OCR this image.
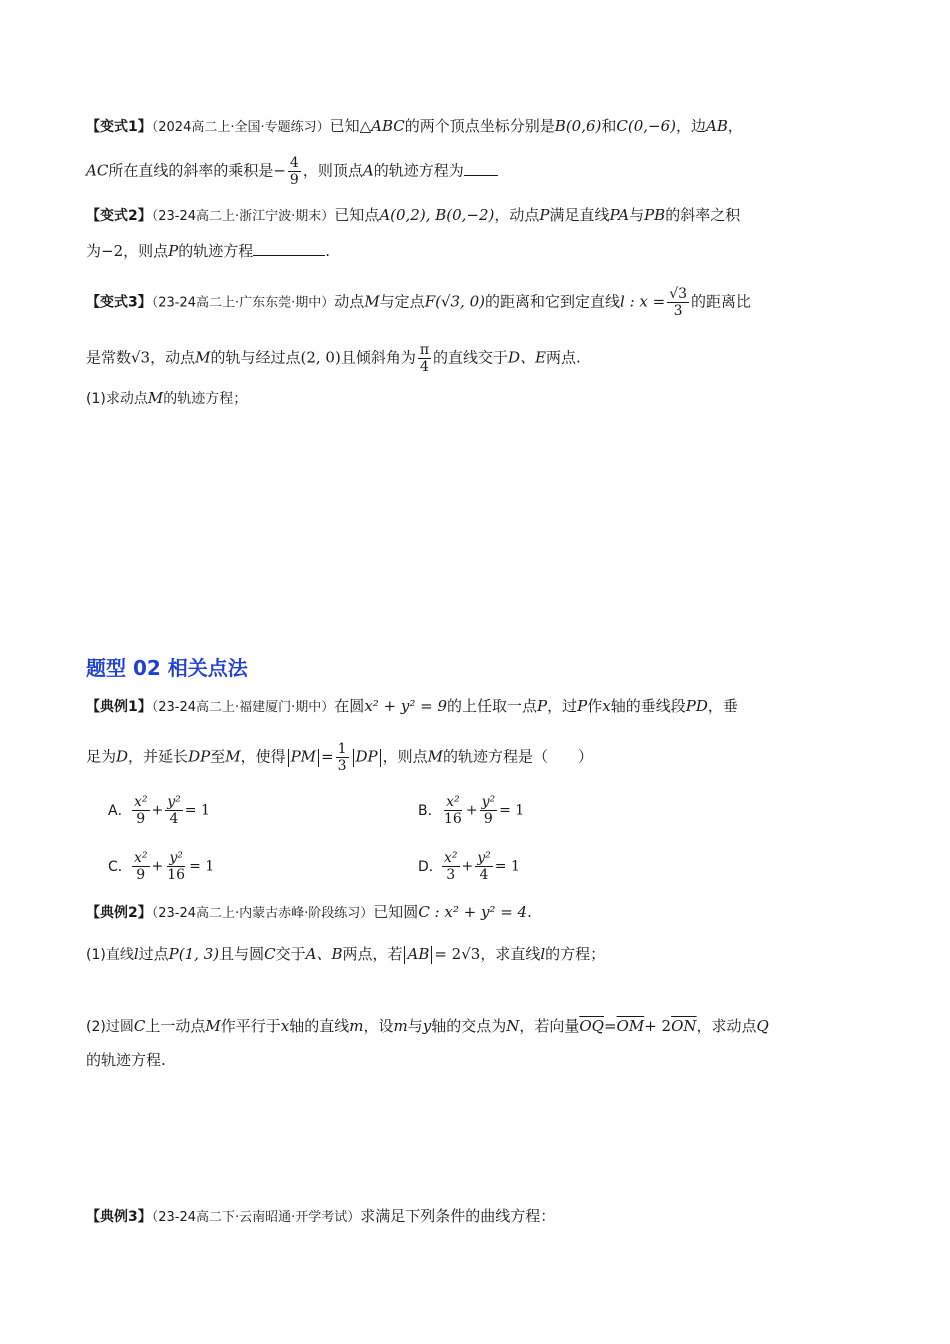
【变式1】（2024高二上·全国·专题练习）已知△ABC的两个顶点坐标分别是B(0,6)和C(0,−6)，边AB，
AC所在直线的斜率的乘积是− $\frac{4}{9}$ ，则顶点A的轨迹方程为
【变式2】（23-24高二上·浙江宁波·期末）已知点A(0,2), B(0,−2)，动点P满足直线PA与PB的斜率之积
为−2，则点P的轨迹方程	.
【变式3】（23-24高二上·广东东莞·期中）动点M与定点F(√3, 0)的距离和它到定直线l : $x = \frac{√3}{3}$ 的距离比
是常数√3，动点M的轨与经过点(2, 0)且倾斜角为 $\frac{\pi}{4}$ 的直线交于D、E两点.
(1)求动点M的轨迹方程；
题型 02 相关点法
【典例1】（23-24高二上·福建厦门·期中）在圆x² + y² = 9的上任取一点P，过P作x轴的垂线段PD，垂
足为D，并延长DP至M，使得 PM = $\frac{1}{3}$ DP ，则点M的轨迹方程是（　　）
A． $\frac{\text{x²}}{9} + \frac{\text{y²}}{4} = 1$	B． $\frac{\text{x²}}{16} + \frac{\text{y²}}{9} = 1$
C． $\frac{\text{x²}}{9} + \frac{\text{y²}}{16} = 1$	D． $\frac{\text{x²}}{3} + \frac{\text{y²}}{4} = 1$
【典例2】（23-24高二上·内蒙古赤峰·阶段练习）已知圆C : x² + y² = 4.
(1)直线l过点P(1, 3)且与圆C交于A、B两点，若 AB = 2√3，求直线l的方程；
(2)过圆C上一动点M作平行于x轴的直线m，设m与y轴的交点为N，若向量$\overline{OQ}=\overline{OM}+ 2\overline{ON}$，求动点Q
的轨迹方程.
【典例3】（23-24高二下·云南昭通·开学考试）求满足下列条件的曲线方程：
